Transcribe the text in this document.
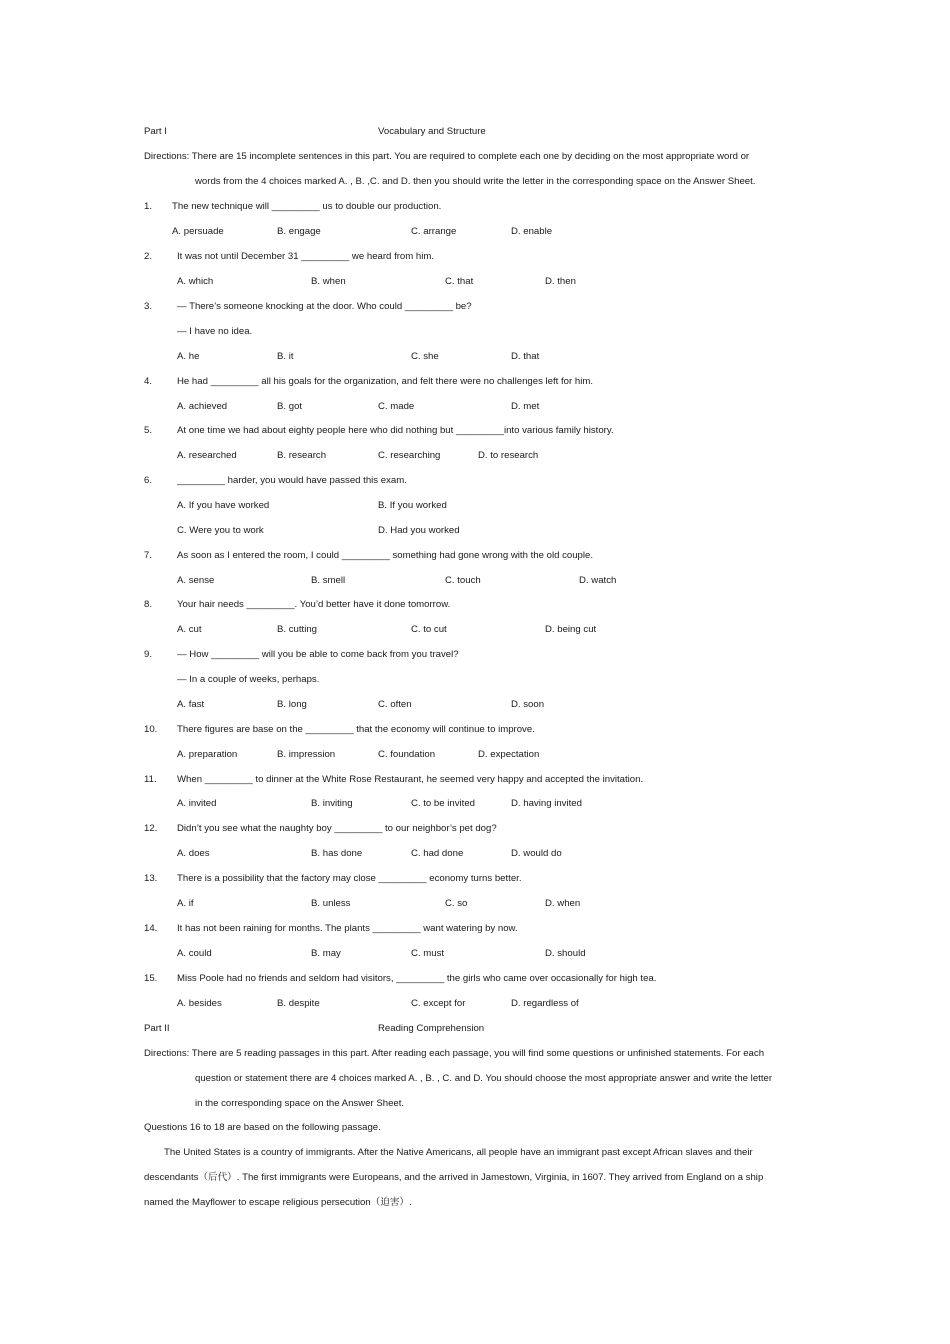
Part I	Vocabulary and Structure
Directions: There are 15 incomplete sentences in this part. You are required to complete each one by deciding on the most appropriate word or
words from the 4 choices marked A. , B. ,C. and D. then you should write the letter in the corresponding space on the Answer Sheet.
1. The new technique will _________ us to double our production.
A. persuade	B. engage	C. arrange	D. enable
2.	It was not until December 31 _________ we heard from him.
A. which	B. when	C. that	D. then
3.	— There’s someone knocking at the door. Who could _________ be?
— I have no idea.
A. he	B. it	C. she	D. that
4.	He had _________ all his goals for the organization, and felt there were no challenges left for him.
A. achieved	B. got	C. made	D. met
5.	At one time we had about eighty people here who did nothing but _________into various family history.
A. researched	B. research	C. researching	D. to research
6.	_________ harder, you would have passed this exam.
A. If you have worked	B. If you worked
C. Were you to work	D. Had you worked
7.	As soon as I entered the room, I could _________ something had gone wrong with the old couple.
A. sense	B. smell	C. touch	D. watch
8.	Your hair needs _________. You’d better have it done tomorrow.
A. cut	B. cutting	C. to cut	D. being cut
9.	— How _________ will you be able to come back from you travel?
— In a couple of weeks, perhaps.
A. fast	B. long	C. often	D. soon
10. There figures are base on the _________ that the economy will continue to improve.
A. preparation	B. impression	C. foundation	D. expectation
11. When _________ to dinner at the White Rose Restaurant, he seemed very happy and accepted the invitation.
A. invited	B. inviting	C. to be invited	D. having invited
12. Didn’t you see what the naughty boy _________ to our neighbor’s pet dog?
A. does	B. has done	C. had done	D. would do
13. There is a possibility that the factory may close _________ economy turns better.
A. if	B. unless	C. so	D. when
14. It has not been raining for months. The plants _________ want watering by now.
A. could	B. may	C. must	D. should
15. Miss Poole had no friends and seldom had visitors, _________ the girls who came over occasionally for high tea.
A. besides	B. despite	C. except for	D. regardless of
Part II	Reading Comprehension
Directions: There are 5 reading passages in this part. After reading each passage, you will find some questions or unfinished statements. For each
question or statement there are 4 choices marked A. , B. , C. and D. You should choose the most appropriate answer and write the letter
in the corresponding space on the Answer Sheet.
Questions 16 to 18 are based on the following passage.
The United States is a country of immigrants. After the Native Americans, all people have an immigrant past except African slaves and their
descendants（后代）. The first immigrants were Europeans, and the arrived in Jamestown, Virginia, in 1607. They arrived from England on a ship
named the Mayflower to escape religious persecution（迫害）.
